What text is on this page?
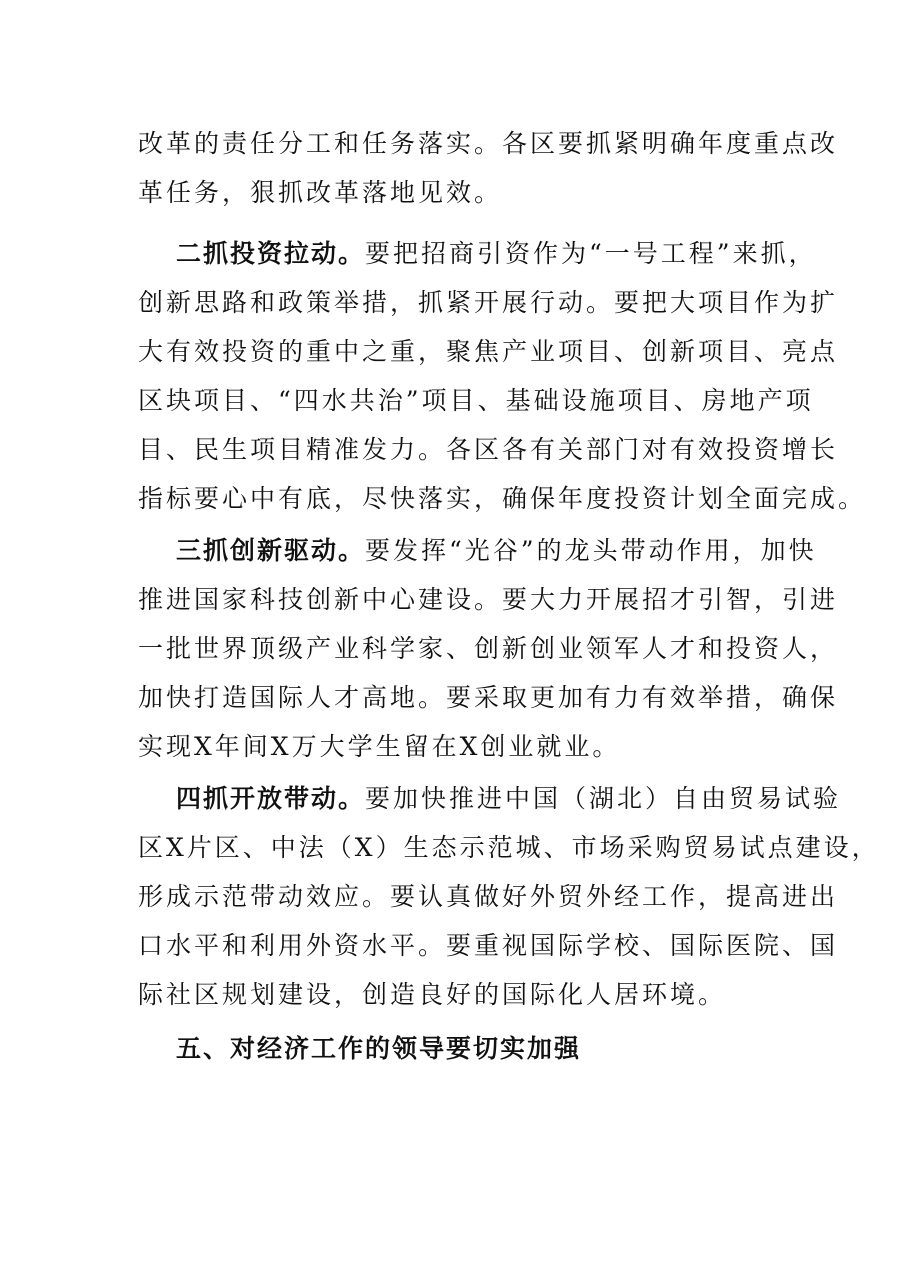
改革的责任分工和任务落实。各区要抓紧明确年度重点改

革任务，狠抓改革落地见效。

二抓投资拉动。要把招商引资作为“一号工程”来抓，

创新思路和政策举措，抓紧开展行动。要把大项目作为扩

大有效投资的重中之重，聚焦产业项目、创新项目、亮点

区块项目、“四水共治”项目、基础设施项目、房地产项

目、民生项目精准发力。各区各有关部门对有效投资增长

指标要心中有底，尽快落实，确保年度投资计划全面完成。

三抓创新驱动。要发挥“光谷”的龙头带动作用，加快

推进国家科技创新中心建设。要大力开展招才引智，引进

一批世界顶级产业科学家、创新创业领军人才和投资人，

加快打造国际人才高地。要采取更加有力有效举措，确保

实现X年间X万大学生留在X创业就业。

四抓开放带动。要加快推进中国（湖北）自由贸易试验

区X片区、中法（X）生态示范城、市场采购贸易试点建设，

形成示范带动效应。要认真做好外贸外经工作，提高进出

口水平和利用外资水平。要重视国际学校、国际医院、国

际社区规划建设，创造良好的国际化人居环境。

五、对经济工作的领导要切实加强
